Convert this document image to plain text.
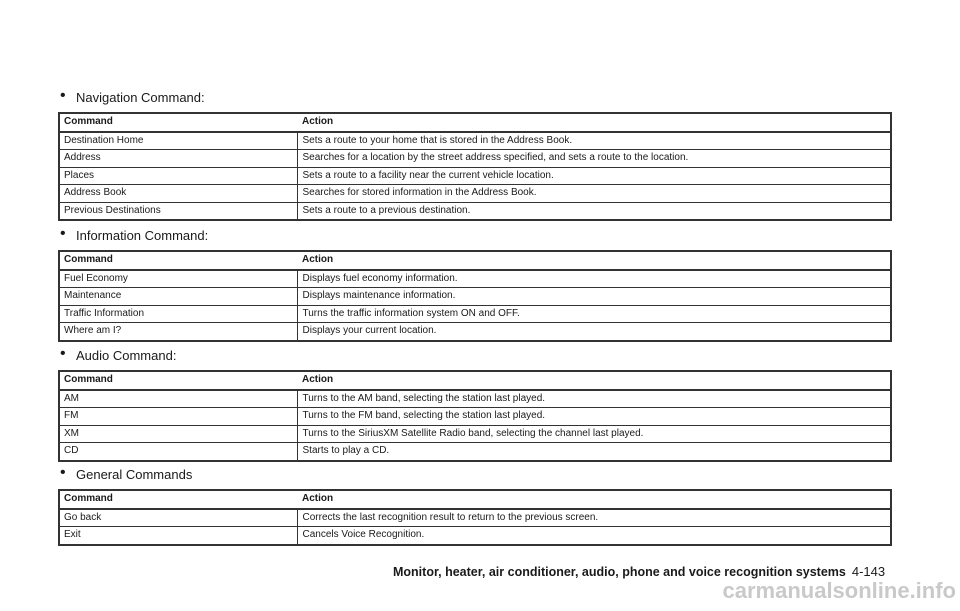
• Navigation Command:
Command	Action
Destination Home	Sets a route to your home that is stored in the Address Book.
Address	Searches for a location by the street address specified, and sets a route to the location.
Places	Sets a route to a facility near the current vehicle location.
Address Book	Searches for stored information in the Address Book.
Previous Destinations	Sets a route to a previous destination.
• Information Command:
Command	Action
Fuel Economy	Displays fuel economy information.
Maintenance	Displays maintenance information.
Traffic Information	Turns the traffic information system ON and OFF.
Where am I?	Displays your current location.
• Audio Command:
Command	Action
AM	Turns to the AM band, selecting the station last played.
FM	Turns to the FM band, selecting the station last played.
XM	Turns to the SiriusXM Satellite Radio band, selecting the channel last played.
CD	Starts to play a CD.
• General Commands
Command	Action
Go back	Corrects the last recognition result to return to the previous screen.
Exit	Cancels Voice Recognition.
Monitor, heater, air conditioner, audio, phone and voice recognition systems 4-143
carmanualsonline.info
